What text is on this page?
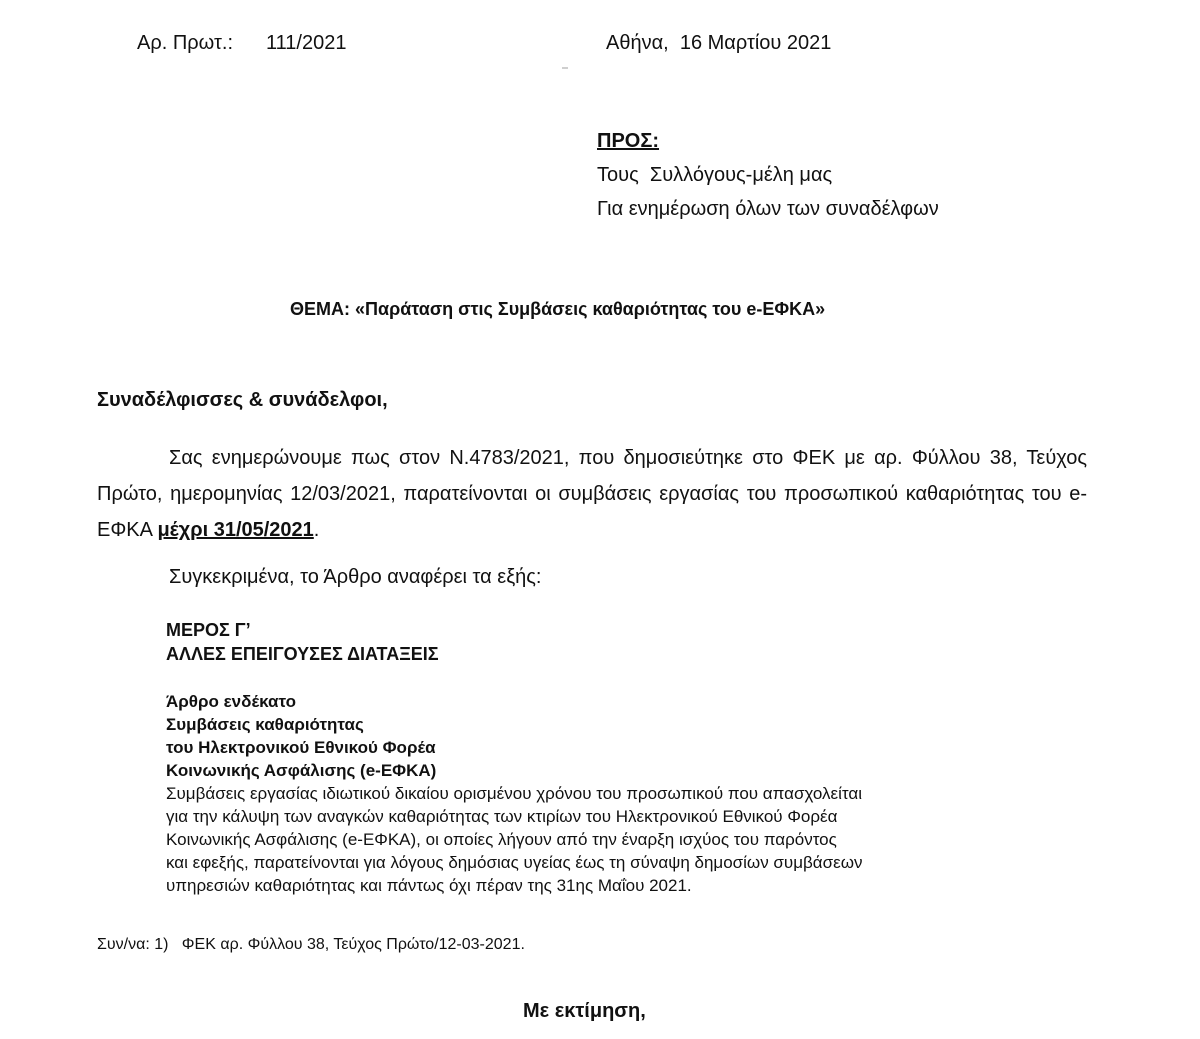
Αρ. Πρωτ.: 111/2021	Αθήνα,  16 Μαρτίου 2021
ΠΡΟΣ:
Τους  Συλλόγους-μέλη μας
Για ενημέρωση όλων των συναδέλφων
ΘΕΜΑ: «Παράταση στις Συμβάσεις καθαριότητας του e-ΕΦΚΑ»
Συναδέλφισσες & συνάδελφοι,
Σας ενημερώνουμε πως στον Ν.4783/2021, που δημοσιεύτηκε στο ΦΕΚ με αρ. Φύλλου 38, Τεύχος Πρώτο, ημερομηνίας 12/03/2021, παρατείνονται οι συμβάσεις εργασίας του προσωπικού καθαριότητας του e-ΕΦΚΑ μέχρι 31/05/2021.
Συγκεκριμένα, το Άρθρο αναφέρει τα εξής:
ΜΕΡΟΣ Γ’
ΑΛΛΕΣ ΕΠΕΙΓΟΥΣΕΣ ΔΙΑΤΑΞΕΙΣ
Άρθρο ενδέκατο
Συμβάσεις καθαριότητας
του Ηλεκτρονικού Εθνικού Φορέα
Κοινωνικής Ασφάλισης (e-ΕΦΚΑ)
Συμβάσεις εργασίας ιδιωτικού δικαίου ορισμένου χρόνου του προσωπικού που απασχολείται
για την κάλυψη των αναγκών καθαριότητας των κτιρίων του Ηλεκτρονικού Εθνικού Φορέα
Κοινωνικής Ασφάλισης (e-ΕΦΚΑ), οι οποίες λήγουν από την έναρξη ισχύος του παρόντος
και εφεξής, παρατείνονται για λόγους δημόσιας υγείας έως τη σύναψη δημοσίων συμβάσεων
υπηρεσιών καθαριότητας και πάντως όχι πέραν της 31ης Μαΐου 2021.
Συν/να: 1)   ΦΕΚ αρ. Φύλλου 38, Τεύχος Πρώτο/12-03-2021.
Με εκτίμηση,
